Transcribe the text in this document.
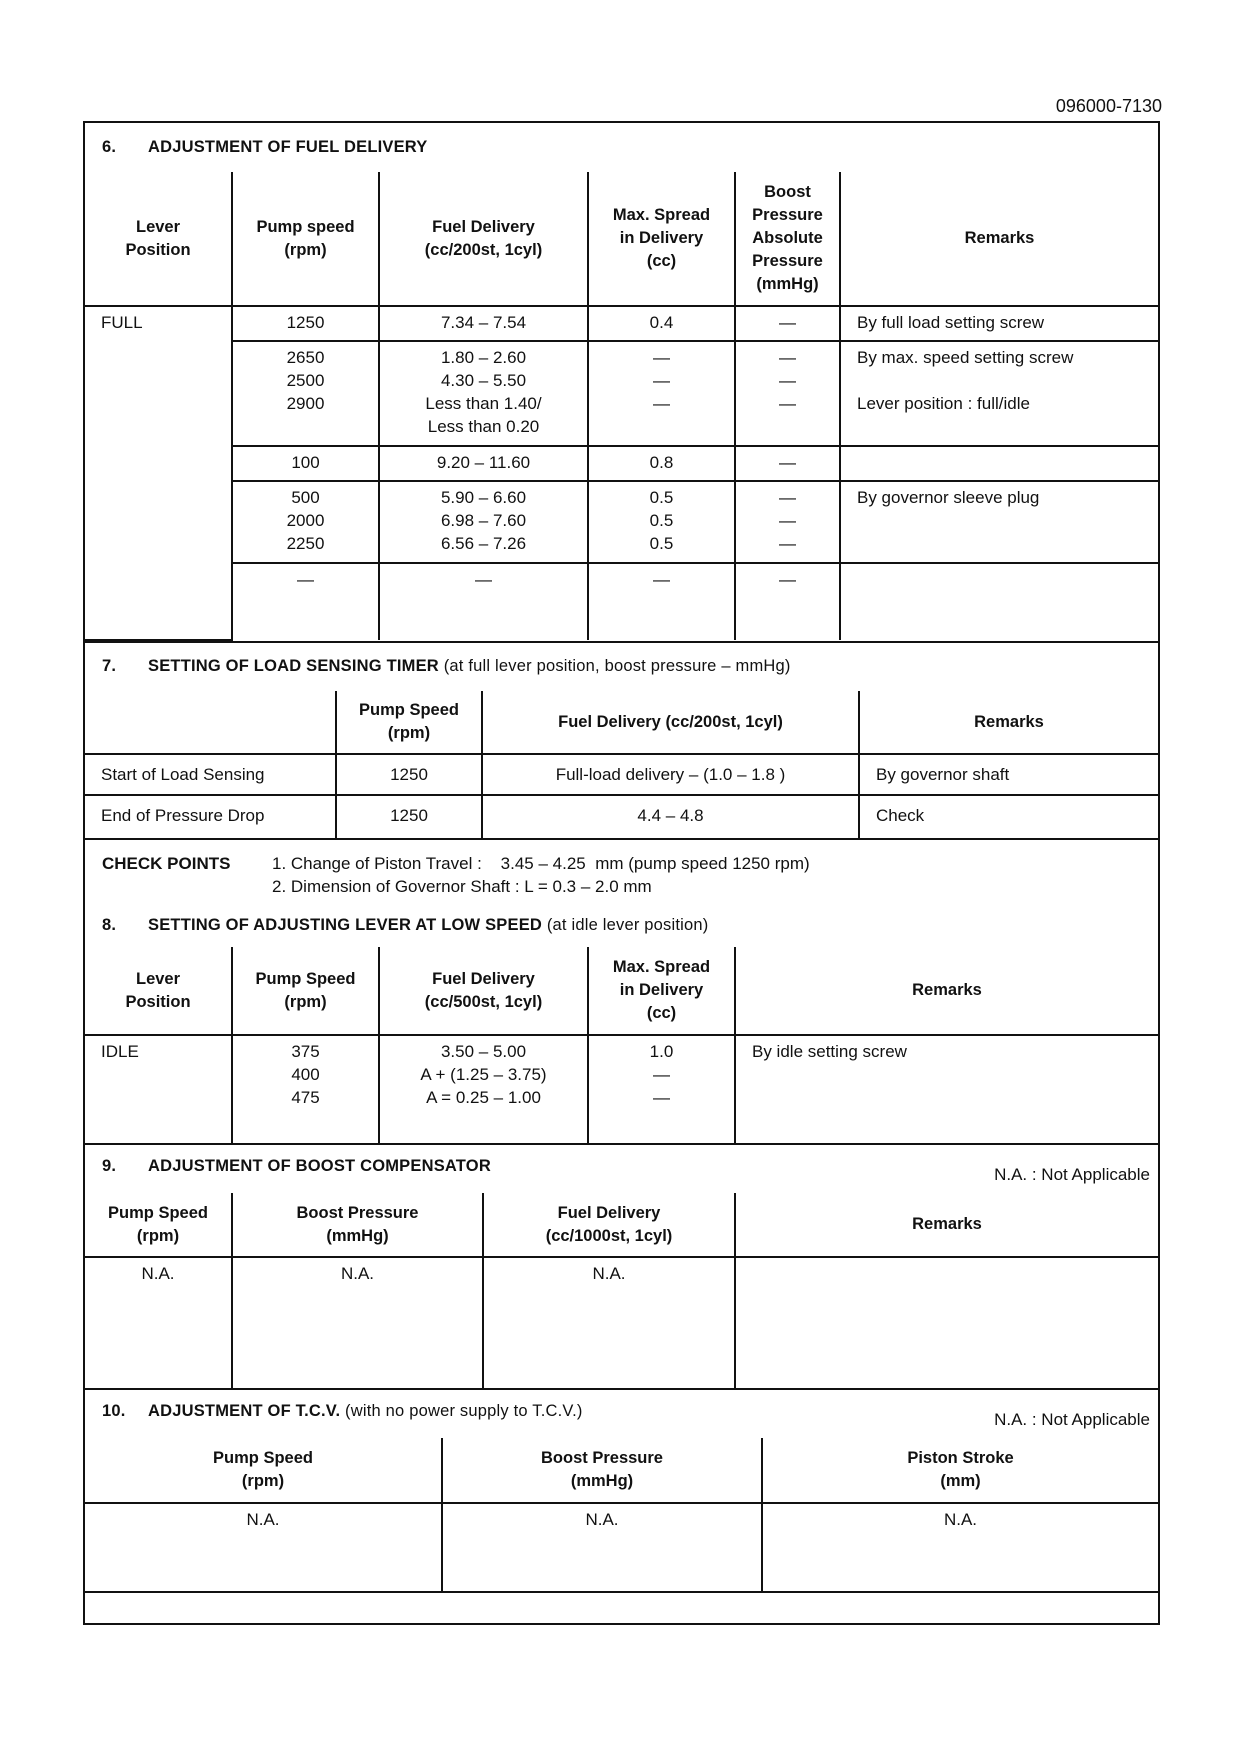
096000-7130
6. ADJUSTMENT OF FUEL DELIVERY
Lever
Position	Pump speed
(rpm)	Fuel Delivery
(cc/200st, 1cyl)	Max. Spread
in Delivery
(cc)	Boost
Pressure
Absolute
Pressure
(mmHg)	Remarks

FULL	1250	7.34 – 7.54	0.4	—	By full load setting screw
	2650
2500
2900	1.80 – 2.60
4.30 – 5.50
Less than 1.40/
Less than 0.20	—
—
—	—
—
—	By max. speed setting screw

Lever position : full/idle
	100	9.20 – 11.60	0.8	—	
	500
2000
2250	5.90 – 6.60
6.98 – 7.60
6.56 – 7.26	0.5
0.5
0.5	—
—
—	By governor sleeve plug
	—	—	—	—	
7. SETTING OF LOAD SENSING TIMER (at full lever position, boost pressure – mmHg)

	Pump Speed
(rpm)	Fuel Delivery (cc/200st, 1cyl)	Remarks
Start of Load Sensing	1250	Full-load delivery – (1.0 – 1.8 )	By governor shaft
End of Pressure Drop	1250	4.4 – 4.8	Check
CHECK POINTS 1. Change of Piston Travel :    3.45 – 4.25  mm (pump speed 1250 rpm)
2. Dimension of Governor Shaft : L = 0.3 – 2.0 mm
8. SETTING OF ADJUSTING LEVER AT LOW SPEED (at idle lever position)
Lever
Position	Pump Speed
(rpm)	Fuel Delivery
(cc/500st, 1cyl)	Max. Spread
in Delivery
(cc)	Remarks
IDLE	375
400
475	3.50 – 5.00
A + (1.25 – 3.75)
A = 0.25 – 1.00	1.0
—
—	By idle setting screw
9. ADJUSTMENT OF BOOST COMPENSATOR	N.A. : Not Applicable
Pump Speed
(rpm)	Boost Pressure
(mmHg)	Fuel Delivery
(cc/1000st, 1cyl)	Remarks
N.A.	N.A.	N.A.	
10. ADJUSTMENT OF T.C.V. (with no power supply to T.C.V.)	N.A. : Not Applicable
Pump Speed
(rpm)	Boost Pressure
(mmHg)	Piston Stroke
(mm)

N.A.	N.A.	N.A.
